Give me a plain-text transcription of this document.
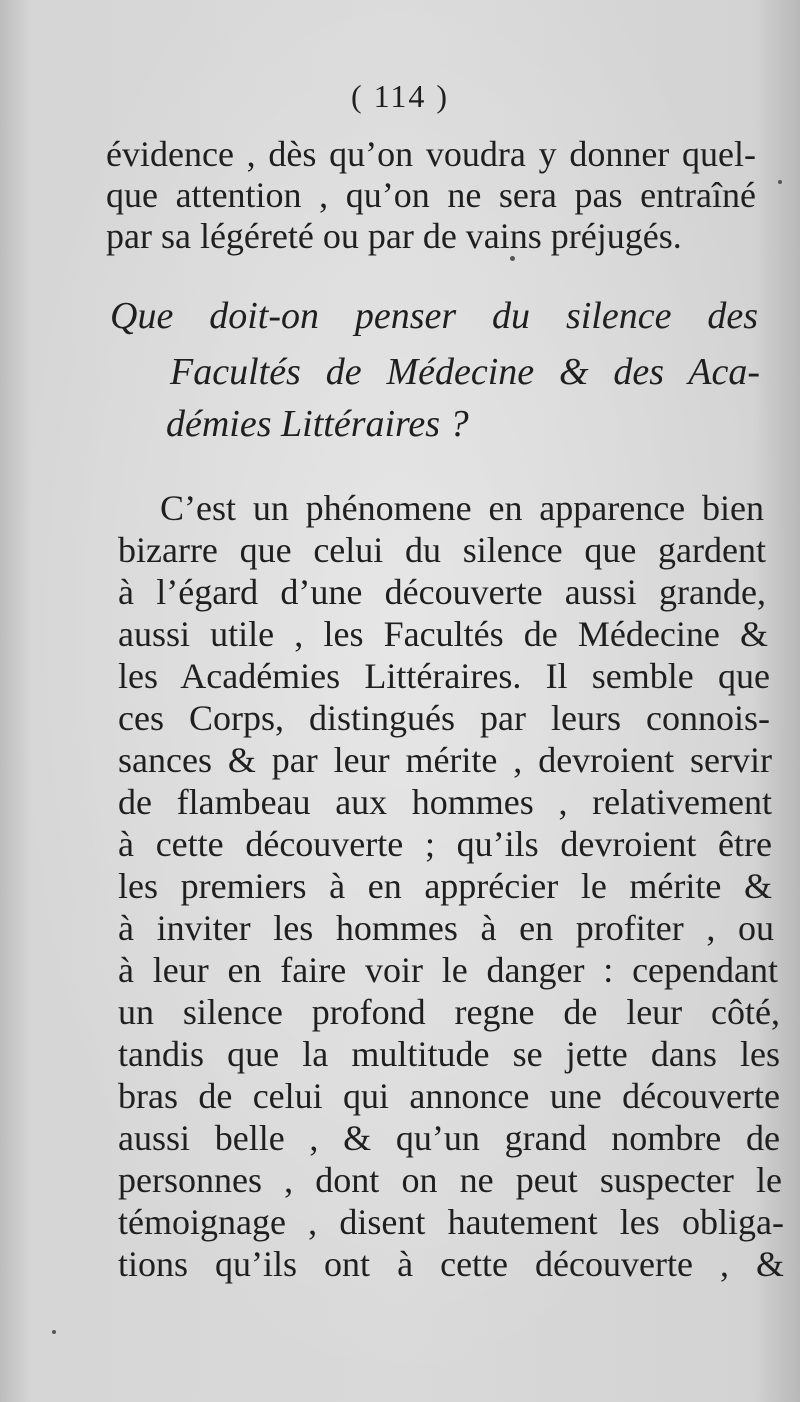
( 114 )
évidence , dès qu’on voudra y donner quel-
que attention , qu’on ne sera pas entraîné
par sa légéreté ou par de vains préjugés.
Que doit-on penser du silence des
Facultés de Médecine & des Aca-
démies Littéraires ?
C’est un phénomene en apparence bien
bizarre que celui du silence que gardent
à l’égard d’une découverte aussi grande,
aussi utile , les Facultés de Médecine &
les Académies Littéraires. Il semble que
ces Corps, distingués par leurs connois-
sances & par leur mérite , devroient servir
de flambeau aux hommes , relativement
à cette découverte ; qu’ils devroient être
les premiers à en apprécier le mérite &
à inviter les hommes à en profiter , ou
à leur en faire voir le danger : cependant
un silence profond regne de leur côté,
tandis que la multitude se jette dans les
bras de celui qui annonce une découverte
aussi belle , & qu’un grand nombre de
personnes , dont on ne peut suspecter le
témoignage , disent hautement les obliga-
tions qu’ils ont à cette découverte , &
